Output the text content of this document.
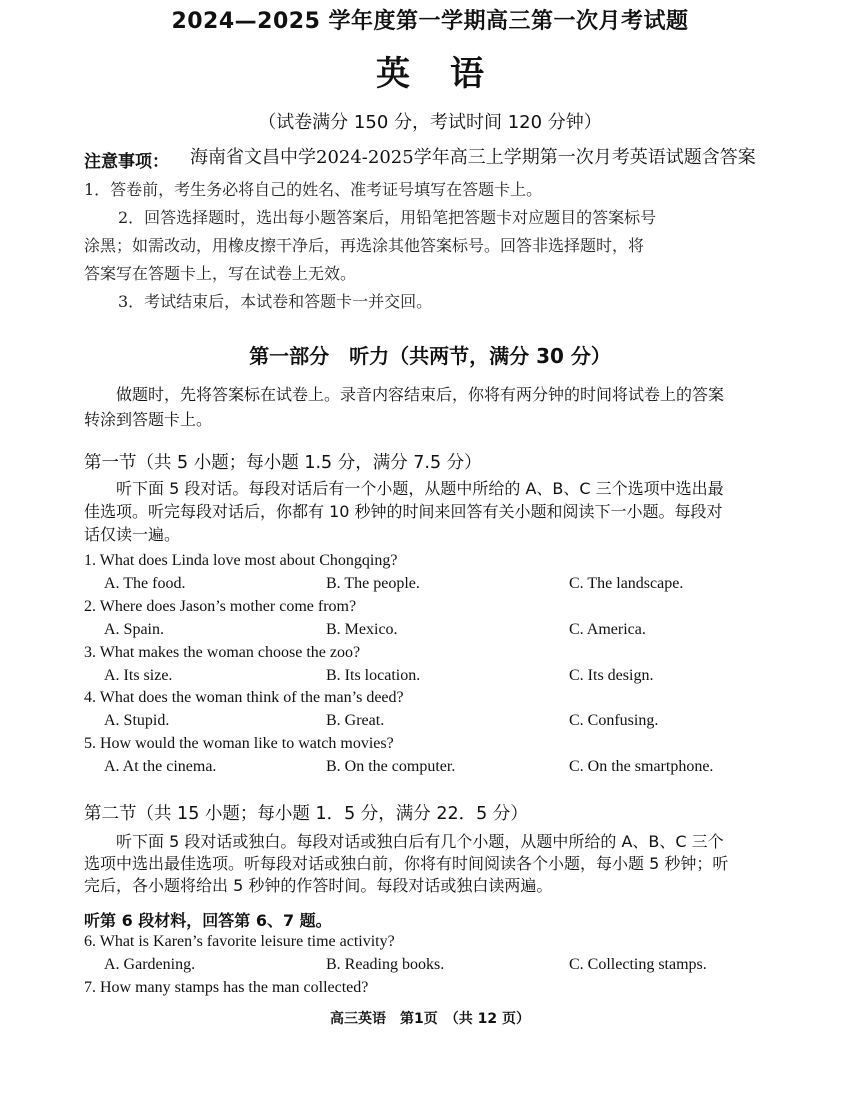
2024—2025 学年度第一学期高三第一次月考试题
英语
（试卷满分 150 分，考试时间 120 分钟）
注意事项： 海南省文昌中学2024-2025学年高三上学期第一次月考英语试题含答案
1．答卷前，考生务必将自己的姓名、准考证号填写在答题卡上。
2．回答选择题时，选出每小题答案后，用铅笔把答题卡对应题目的答案标号
涂黑；如需改动，用橡皮擦干净后，再选涂其他答案标号。回答非选择题时，将
答案写在答题卡上，写在试卷上无效。
3．考试结束后，本试卷和答题卡一并交回。
第一部分　听力（共两节，满分 30 分）
做题时，先将答案标在试卷上。录音内容结束后，你将有两分钟的时间将试卷上的答案
转涂到答题卡上。
第一节（共 5 小题；每小题 1.5 分，满分 7.5 分）
听下面 5 段对话。每段对话后有一个小题，从题中所给的 A、B、C 三个选项中选出最
佳选项。听完每段对话后，你都有 10 秒钟的时间来回答有关小题和阅读下一小题。每段对
话仅读一遍。
1. What does Linda love most about Chongqing?
A. The food.	B. The people.	C. The landscape.
2. Where does Jason’s mother come from?
A. Spain.	B. Mexico.	C. America.
3. What makes the woman choose the zoo?
A. Its size.	B. Its location.	C. Its design.
4. What does the woman think of the man’s deed?
A. Stupid.	B. Great.	C. Confusing.
5. How would the woman like to watch movies?
A. At the cinema.	B. On the computer.	C. On the smartphone.
第二节（共 15 小题；每小题 1．5 分，满分 22．5 分）
听下面 5 段对话或独白。每段对话或独白后有几个小题，从题中所给的 A、B、C 三个
选项中选出最佳选项。听每段对话或独白前，你将有时间阅读各个小题，每小题 5 秒钟；听
完后，各小题将给出 5 秒钟的作答时间。每段对话或独白读两遍。
听第 6 段材料，回答第 6、7 题。
6. What is Karen’s favorite leisure time activity?
A. Gardening.	B. Reading books.	C. Collecting stamps.
7. How many stamps has the man collected?
高三英语　第1页　（共 12 页）
